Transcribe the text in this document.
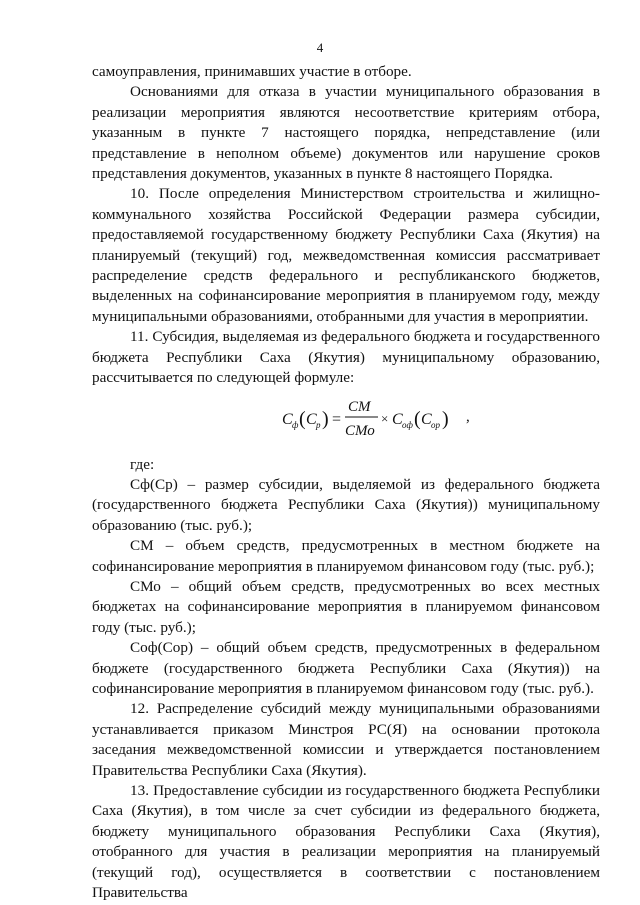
4

самоуправления, принимавших участие в отборе.

Основаниями для отказа в участии муниципального образования в реализации мероприятия являются несоответствие критериям отбора, указанным в пункте 7 настоящего порядка, непредставление (или представление в неполном объеме) документов или нарушение сроков представления документов, указанных в пункте 8 настоящего Порядка.

10. После определения Министерством строительства и жилищно-коммунального хозяйства Российской Федерации размера субсидии, предоставляемой государственному бюджету Республики Саха (Якутия) на планируемый (текущий) год, межведомственная комиссия рассматривает распределение средств федерального и республиканского бюджетов, выделенных на софинансирование мероприятия в планируемом году, между муниципальными образованиями, отобранными для участия в мероприятии.

11. Субсидия, выделяемая из федерального бюджета и государственного бюджета Республики Саха (Якутия) муниципальному образованию, рассчитывается по следующей формуле:

С ф ( С р ) =
СМ
СМо
× С оф ( С ор ) ,

где:

Сф(Ср) – размер субсидии, выделяемой из федерального бюджета (государственного бюджета Республики Саха (Якутия)) муниципальному образованию (тыс. руб.);

СМ – объем средств, предусмотренных в местном бюджете на софинансирование мероприятия в планируемом финансовом году (тыс. руб.);

СМо – общий объем средств, предусмотренных во всех местных бюджетах на софинансирование мероприятия в планируемом финансовом году (тыс. руб.);

Соф(Сор) – общий объем средств, предусмотренных в федеральном бюджете (государственного бюджета Республики Саха (Якутия)) на софинансирование мероприятия в планируемом финансовом году (тыс. руб.).

12. Распределение субсидий между муниципальными образованиями устанавливается приказом Минстроя РС(Я) на основании протокола заседания межведомственной комиссии и утверждается постановлением Правительства Республики Саха (Якутия).

13. Предоставление субсидии из государственного бюджета Республики Саха (Якутия), в том числе за счет субсидии из федерального бюджета, бюджету муниципального образования Республики Саха (Якутия), отобранного для участия в реализации мероприятия на планируемый (текущий год), осуществляется в соответствии с постановлением Правительства
